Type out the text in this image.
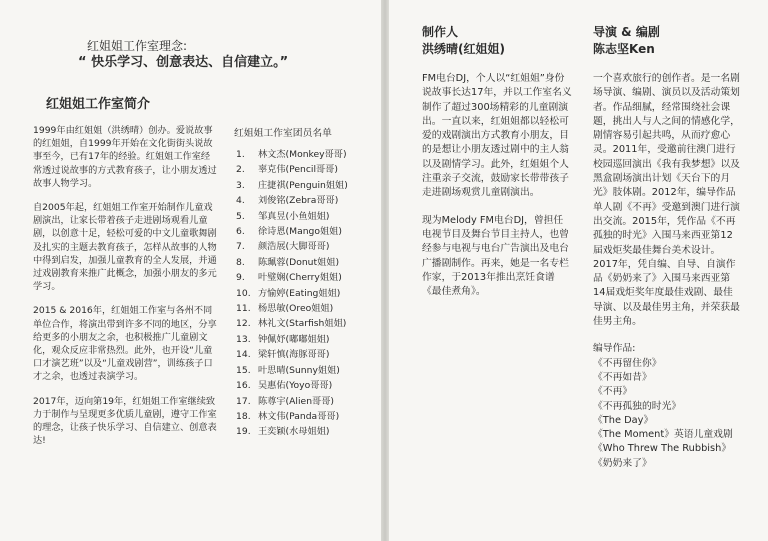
红姐姐工作室理念:
“ 快乐学习、创意表达、自信建立。”
红姐姐工作室简介

1999年由红姐姐（洪绣晴）创办。爱说故事的红姐姐，自1999年开始在文化街街头说故事至今，已有17年的经验。红姐姐工作室经常透过说故事的方式教育孩子，让小朋友透过故事人物学习。

自2005年起，红姐姐工作室开始制作儿童戏剧演出，让家长带着孩子走进剧场观看儿童剧，以创意十足，轻松可爱的中文儿童歌舞剧及扎实的主题去教育孩子，怎样从故事的人物中得到启发，加强儿童教育的全人发展，并通过戏剧教育来推广此概念，加强小朋友的多元学习。

2015 & 2016年，红姐姐工作室与各州不同单位合作，将演出带到许多不同的地区，分享给更多的小朋友之余，也积极推广儿童剧文化，观众反应非常热烈。此外，也开设“儿童口才演艺班”以及“儿童戏剧营”，训练孩子口才之余，也透过表演学习。

2017年，迈向第19年，红姐姐工作室继续致力于制作与呈现更多优质儿童剧，遵守工作室的理念，让孩子快乐学习、自信建立、创意表达!

红姐姐工作室团员名单
1. 林文杰(Monkey哥哥)
2. 辜克伟(Pencil哥哥)
3. 庄捷祺(Penguin姐姐)
4. 刘俊铭(Zebra哥哥)
5. 邹真昱(小鱼姐姐)
6. 徐诗恩(Mango姐姐)
7. 颜浩展(大脚哥哥)
8. 陈珮蓉(Donut姐姐)
9. 叶璧娴(Cherry姐姐)
10. 方愉婷(Eating姐姐)
11. 杨思敏(Oreo姐姐)
12. 林礼文(Starfish姐姐)
13. 钟佩妤(嘟嘟姐姐)
14. 梁轩慎(海豚哥哥)
15. 叶思晴(Sunny姐姐)
16. 吴惠佑(Yoyo哥哥)
17. 陈尊宇(Alien哥哥)
18. 林文伟(Panda哥哥)
19. 王奕颖(水母姐姐)
制作人
洪绣晴(红姐姐)

FM电台DJ，个人以“红姐姐”身份说故事长达17年，并以工作室名义制作了超过300场精彩的儿童剧演出。一直以来，红姐姐都以轻松可爱的戏剧演出方式教育小朋友，目的是想让小朋友透过剧中的主人翁以及剧情学习。此外，红姐姐个人注重亲子交流，鼓励家长带带孩子走进剧场观赏儿童剧演出。

现为Melody FM电台DJ，曾担任电视节目及舞台节目主持人，也曾经参与电视与电台广告演出及电台广播剧制作。再来，她是一名专栏作家，于2013年推出烹饪食谱《最佳煮角》。

导演 & 编剧
陈志坚Ken

一个喜欢旅行的创作者。是一名剧场导演、编剧、演员以及活动策划者。作品细腻，经常围绕社会课题，挑出人与人之间的情感化学，剧情容易引起共鸣，从而疗愈心灵。2011年，受邀前往澳门进行校园巡回演出《我有我梦想》以及黑盒剧场演出计划《天台下的月光》肢体剧。2012年，编导作品单人剧《不再》受邀到澳门进行演出交流。2015年，凭作品《不再孤独的时光》入围马来西亚第12届戏炬奖最佳舞台美术设计。2017年，凭自编、自导、自演作品《奶奶来了》入围马来西亚第14届戏炬奖年度最佳戏剧、最佳导演、以及最佳男主角，并荣获最佳男主角。

编导作品:
《不再留住你》
《不再如昔》
《不再》
《不再孤独的时光》
《The Day》
《The Moment》英语儿童戏剧
《Who Threw The Rubbish》
《奶奶来了》
